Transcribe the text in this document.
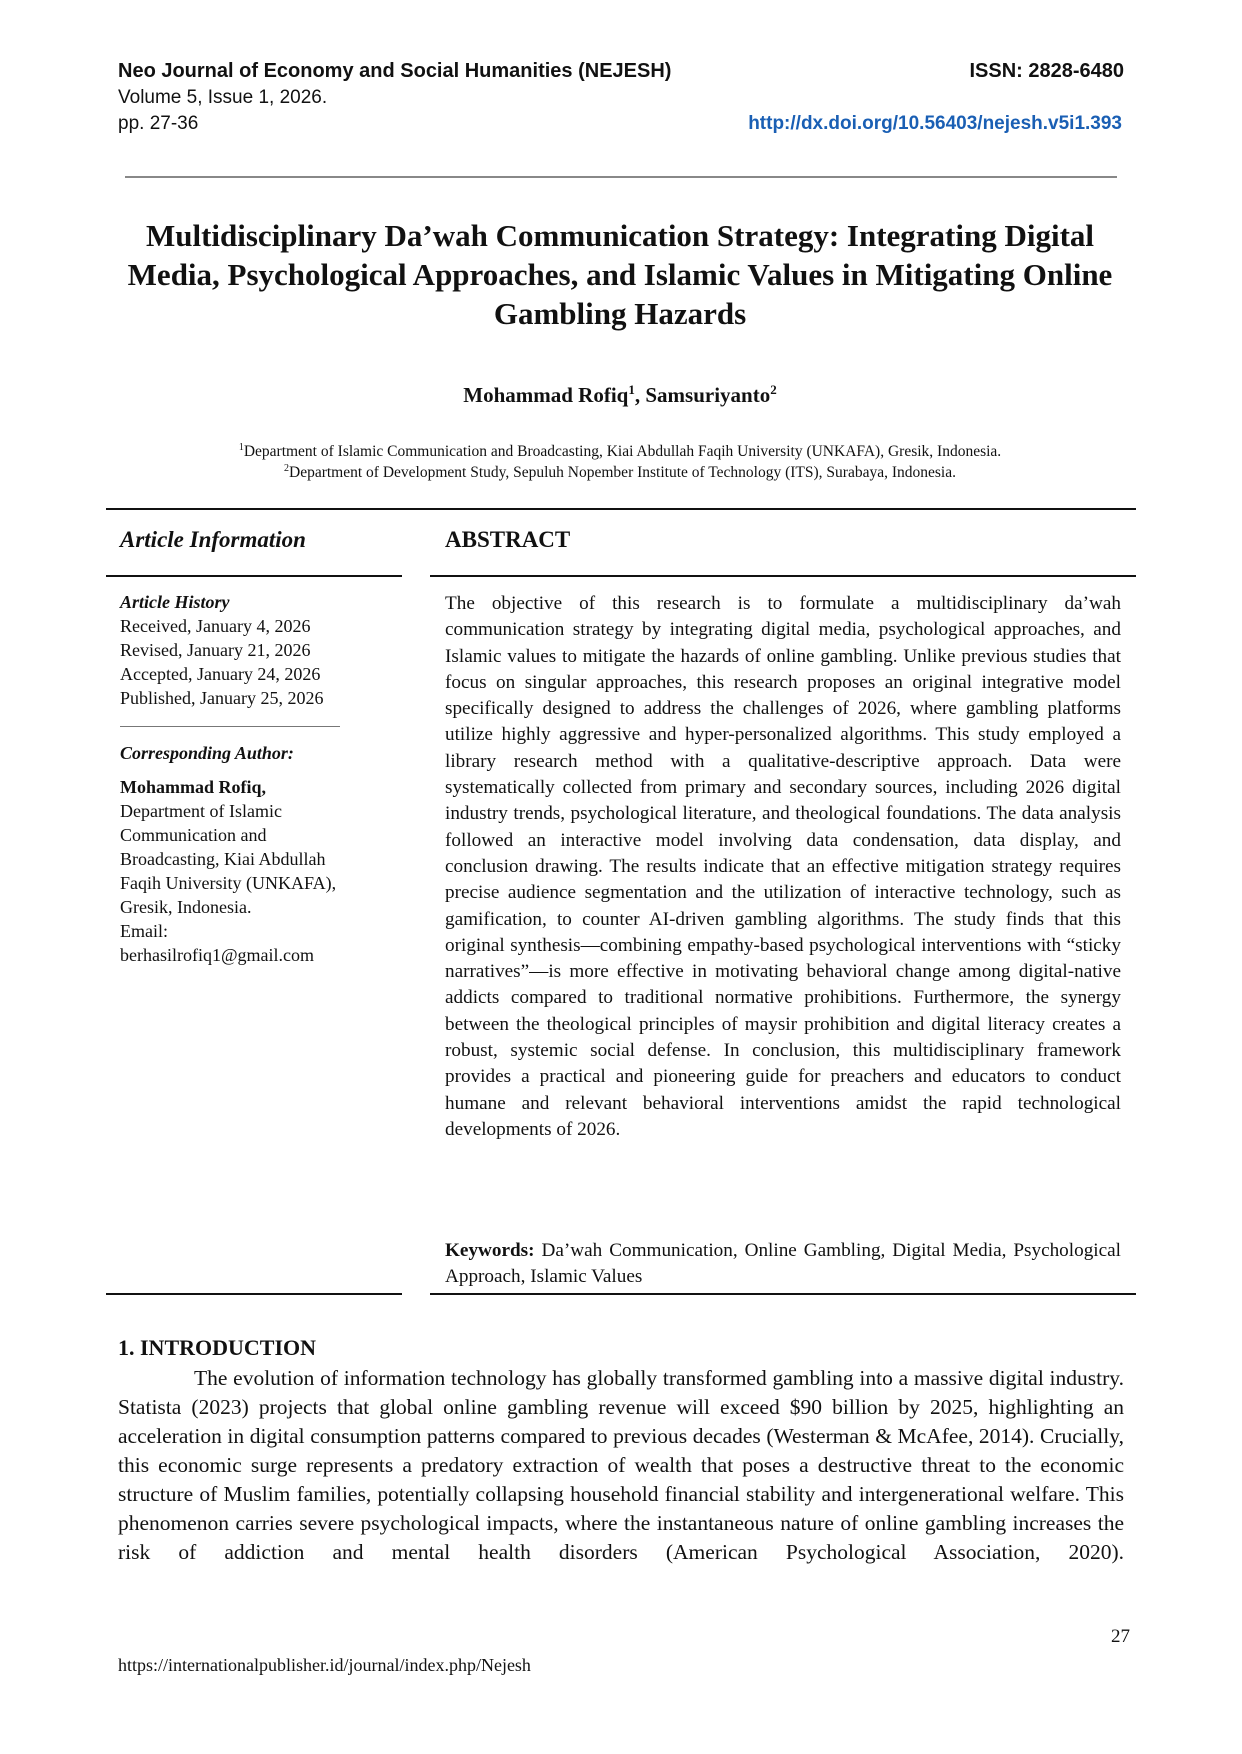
Neo Journal of Economy and Social Humanities (NEJESH)	ISSN: 2828-6480
Volume 5, Issue 1, 2026.
pp. 27-36	http://dx.doi.org/10.56403/nejesh.v5i1.393
Multidisciplinary Da’wah Communication Strategy: Integrating Digital Media, Psychological Approaches, and Islamic Values in Mitigating Online Gambling Hazards
Mohammad Rofiq$^1$, Samsuriyanto$^2$
$^1$Department of Islamic Communication and Broadcasting, Kiai Abdullah Faqih University (UNKAFA), Gresik, Indonesia.
$^2$Department of Development Study, Sepuluh Nopember Institute of Technology (ITS), Surabaya, Indonesia.
Article Information	ABSTRACT
Article History
Received, January 4, 2026
Revised, January 21, 2026
Accepted, January 24, 2026
Published, January 25, 2026
Corresponding Author:
Mohammad Rofiq,
Department of Islamic
Communication and
Broadcasting, Kiai Abdullah
Faqih University (UNKAFA),
Gresik, Indonesia.
Email:
berhasilrofiq1@gmail.com
The objective of this research is to formulate a multidisciplinary da’wah communication strategy by integrating digital media, psychological approaches, and Islamic values to mitigate the hazards of online gambling. Unlike previous studies that focus on singular approaches, this research proposes an original integrative model specifically designed to address the challenges of 2026, where gambling platforms utilize highly aggressive and hyper-personalized algorithms. This study employed a library research method with a qualitative-descriptive approach. Data were systematically collected from primary and secondary sources, including 2026 digital industry trends, psychological literature, and theological foundations. The data analysis followed an interactive model involving data condensation, data display, and conclusion drawing. The results indicate that an effective mitigation strategy requires precise audience segmentation and the utilization of interactive technology, such as gamification, to counter AI-driven gambling algorithms. The study finds that this original synthesis—combining empathy-based psychological interventions with “sticky narratives”—is more effective in motivating behavioral change among digital-native addicts compared to traditional normative prohibitions. Furthermore, the synergy between the theological principles of maysir prohibition and digital literacy creates a robust, systemic social defense. In conclusion, this multidisciplinary framework provides a practical and pioneering guide for preachers and educators to conduct humane and relevant behavioral interventions amidst the rapid technological developments of 2026.
Keywords: Da’wah Communication, Online Gambling, Digital Media, Psychological Approach, Islamic Values
1. INTRODUCTION
The evolution of information technology has globally transformed gambling into a massive digital industry. Statista (2023) projects that global online gambling revenue will exceed $90 billion by 2025, highlighting an acceleration in digital consumption patterns compared to previous decades (Westerman & McAfee, 2014). Crucially, this economic surge represents a predatory extraction of wealth that poses a destructive threat to the economic structure of Muslim families, potentially collapsing household financial stability and intergenerational welfare. This phenomenon carries severe psychological impacts, where the instantaneous nature of online gambling increases the risk of addiction and mental health disorders (American Psychological Association, 2020).
27
https://internationalpublisher.id/journal/index.php/Nejesh
